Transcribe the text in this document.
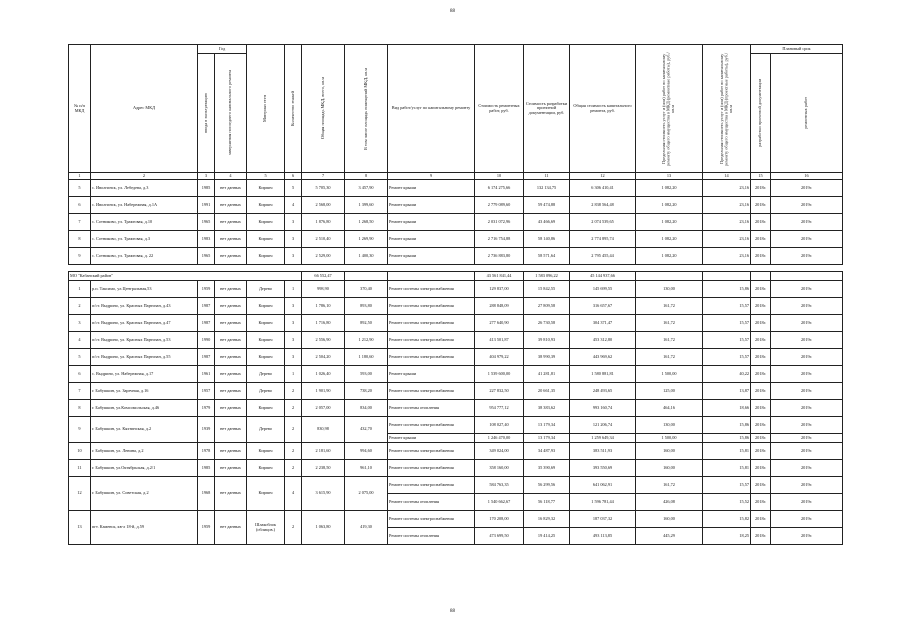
88
№ п/п МКД	Адрес МКД	Год		Материал стен	Количество этажей	Общая площадь МКД, всего, кв.м	В том числе площадь помещений МКД, кв.м	Вид работ/услуг по капитальному ремонту	Стоимость ремонтных работ, руб.	Стоимость разработки проектной документации, руб.	Общая стоимость капитального ремонта, руб.	Предельная стоимость услуг и (или) работ по капитальному ремонту общего имущества в МКД (ремонтные работы), руб./кв.м	Предельная стоимость услуг и (или) работ по капитальному ремонту общего имущества в МКД (проектные работы), руб./кв.м	Плановый срок	

		ввода в эксплуатацию	завершения последнего капитального ремонта											разработки проектной документации	ремонтных работ

1	2	3	4	5	6	7	8	9	10	11	12	13	14	15	16
5	с. Иволгинск, ул. Лебедева, д.3	1985	нет данных	Кирпич	5	5 705,30	3 457,90	Ремонт крыши	6 174 275,66	132 134,75	6 306 410,41	1 082,20	23,16	2018г.	2019г.
6	с. Иволгинск, ул. Набережная, д.1А	1991	нет данных	Кирпич	4	2 568,00	1 399,60	Ремонт крыши	2 779 089,60	59 474,88	2 838 564,48	1 082,20	23,16	2018г.	2019г.
7	с. Сотниково, ул. Трактовая, д.10	1965	нет данных	Кирпич	3	1 876,80	1 268,50	Ремонт крыши	2 031 072,96	43 466,69	2 074 539,65	1 082,20	23,16	2018г.	2019г.
8	с. Сотниково, ул. Трактовая, д.3	1983	нет данных	Кирпич	3	2 510,40	1 269,90	Ремонт крыши	2 716 754,88	58 140,86	2 774 895,74	1 082,20	23,16	2018г.	2019г.
9	с. Сотниково, ул. Трактовая, д. 22	1965	нет данных	Кирпич	3	2 529,00	1 400,30	Ремонт крыши	2 736 883,80	58 571,64	2 795 455,44	1 082,20	23,16	2018г.	2019г.

МО "Кабанский район"						66 552,47			43 561 841,44	1 583 096,22	45 144 937,66				
1	р.п. Таксимо, ул.Центральная,53	1959	нет данных	Дерево	1	998,90	370,40	Ремонт системы электроснабжения	129 837,00	15 842,55	145 699,55	130,00	15,86	2018г.	2019г.
2	п/ст. Выдрино, ул. Красных Партизан, д.43	1987	нет данных	Кирпич	3	1 786,10	893,80	Ремонт системы электроснабжения	288 848,09	27 809,58	316 657,67	161,72	15,57	2018г.	2019г.
3	п/ст. Выдрино, ул. Красных Партизан, д.47	1987	нет данных	Кирпич	3	1 716,80	892,50	Ремонт системы электроснабжения	277 640,90	26 730,58	304 371,47	161,72	15,57	2018г.	2019г.
4	п/ст. Выдрино, ул. Красных Партизан, д.53	1990	нет данных	Кирпич	3	2 556,90	1 212,90	Ремонт системы электроснабжения	413 501,87	39 810,93	453 312,80	161,72	15,57	2018г.	2019г.
5	п/ст. Выдрино, ул. Красных Партизан, д.55	1987	нет данных	Кирпич	3	2 504,20	1 180,60	Ремонт системы электроснабжения	404 979,22	38 990,39	443 969,62	161,72	15,57	2018г.	2019г.
6	с. Выдрино, ул. Набережная, д.17	1961	нет данных	Дерево	1	1 026,40	593,00	Ремонт крыши	1 539 600,00	41 281,81	1 580 881,81	1 500,00	40,22	2018г.	2019г.
7	г. Бабушкин, ул. Заречная, д.16	1957	нет данных	Дерево	2	1 901,90	738,20	Ремонт системы электроснабжения	227 832,50	20 661,35	248 493,65	125,00	13,87	2018г.	2019г.
8	г. Бабушкин, ул.Комсомольская, д.46	1979	нет данных	Кирпич	2	2 057,00	834,00	Ремонт системы отопления	954 777,12	38 383,62	993 160,74	464,16	18,66	2018г.	2019г.
9	г. Бабушкин, ул. Кяхтинская, д.2	1939	нет данных	Дерево	2	830,98	432,70	Ремонт системы электроснабжения	108 027,40	13 179,34	121 206,74	130,00	15,86	2018г.	2019г.
								Ремонт крыши	1 246 470,00	13 179,34	1 259 649,34	1 500,00	15,86	2018г.	2019г.
10	г. Бабушкин, ул. Ленина, д.2	1978	нет данных	Кирпич	2	2 181,60	994,60	Ремонт системы электроснабжения	349 024,00	34 487,93	383 511,93	160,00	15,81	2018г.	2019г.
11	г. Бабушкин, ул.Октябрьская, д.2/1	1985	нет данных	Кирпич	2	2 238,50	961,10	Ремонт системы электроснабжения	358 160,00	35 390,69	393 550,69	160,00	15,81	2018г.	2019г.
12	г. Бабушкин, ул. Советская, д.2	1968	нет данных	Кирпич	4	3 615,90	2 075,00	Ремонт системы электроснабжения	584 763,35	56 299,56	641 062,91	161,72	15,57	2018г.	2019г.
								Ремонт системы отопления	1 540 662,67	56 118,77	1 596 781,44	426,08	15,52	2018г.	2019г.
13	пгт. Каменск, кв-л 18-й, д.59	1959	нет данных	Шлакоблок (облицов.)	2	1 063,80	419,30	Ремонт системы электроснабжения	170 208,00	16 829,32	187 037,32	160,00	15,82	2018г.	2019г.
								Ремонт системы отопления	473 699,50	19 414,25	493 113,85	445,29	18,25	2018г.	2019г.
88
